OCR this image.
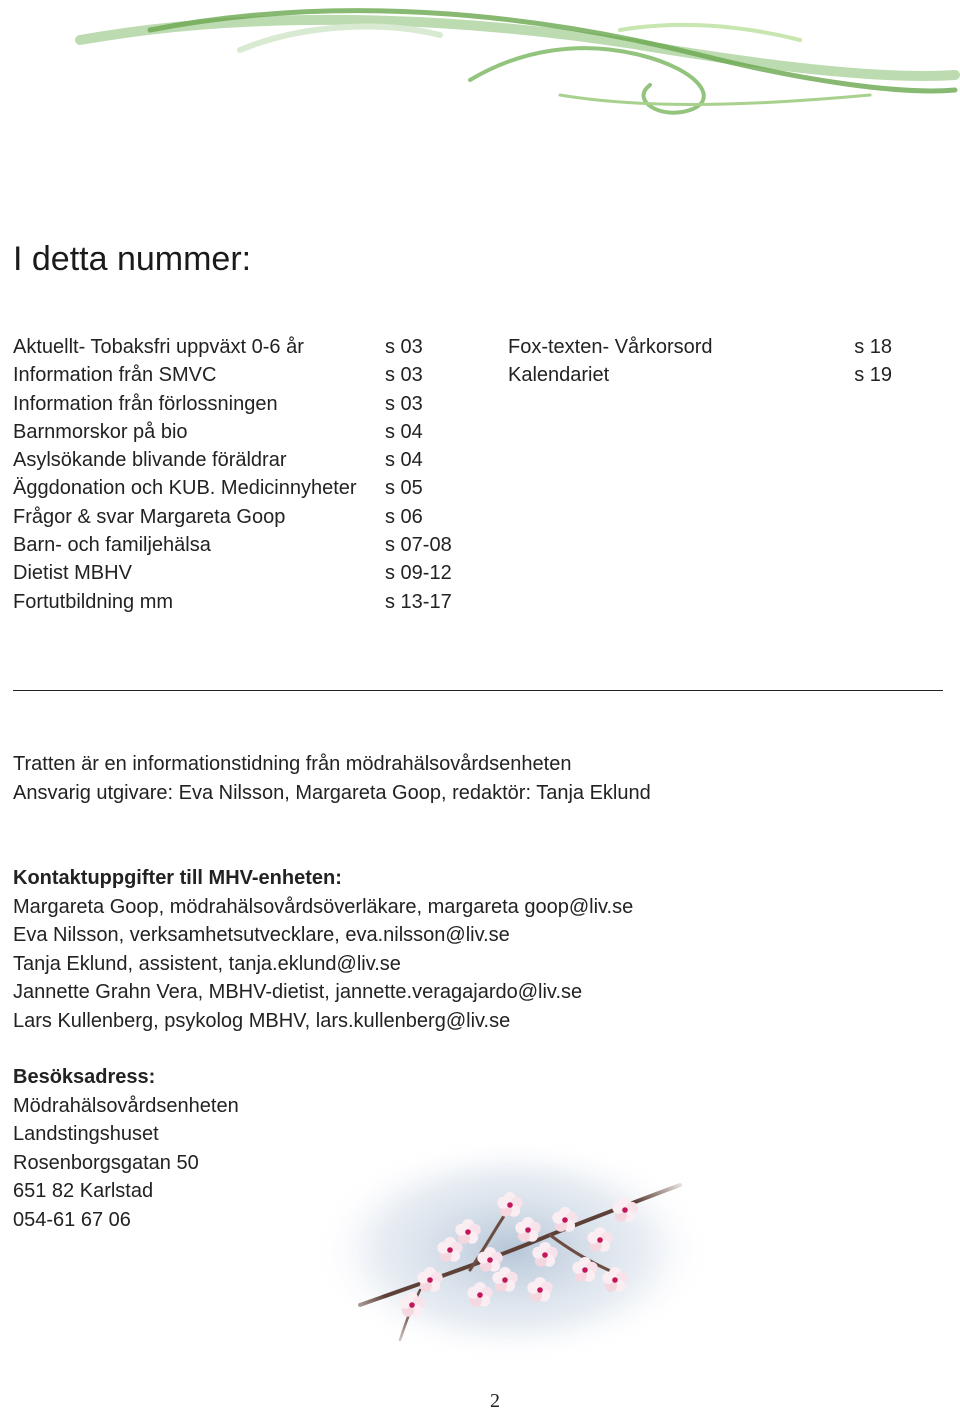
I detta nummer:
Aktuellt- Tobaksfri uppväxt 0-6 år	s 03
Information från SMVC	s 03
Information från förlossningen	s 03
Barnmorskor på bio	s 04
Asylsökande blivande föräldrar	s 04
Äggdonation och KUB. Medicinnyheter s 05
Frågor & svar Margareta Goop	s 06
Barn- och familjehälsa	s 07-08
Dietist MBHV	s 09-12
Fortutbildning mm	s 13-17
Fox-texten- Vårkorsord	s 18
Kalendariet	s 19
Tratten är en informationstidning från mödrahälsovårdsenheten
Ansvarig utgivare: Eva Nilsson, Margareta Goop, redaktör: Tanja Eklund
Kontaktuppgifter till MHV-enheten:
Margareta Goop, mödrahälsovårdsöverläkare, margareta goop@liv.se
Eva Nilsson, verksamhetsutvecklare, eva.nilsson@liv.se
Tanja Eklund, assistent, tanja.eklund@liv.se
Jannette Grahn Vera, MBHV-dietist, jannette.veragajardo@liv.se
Lars Kullenberg, psykolog MBHV, lars.kullenberg@liv.se
Besöksadress:
Mödrahälsovårdsenheten
Landstingshuset
Rosenborgsgatan 50
651 82 Karlstad
054-61 67 06
2
